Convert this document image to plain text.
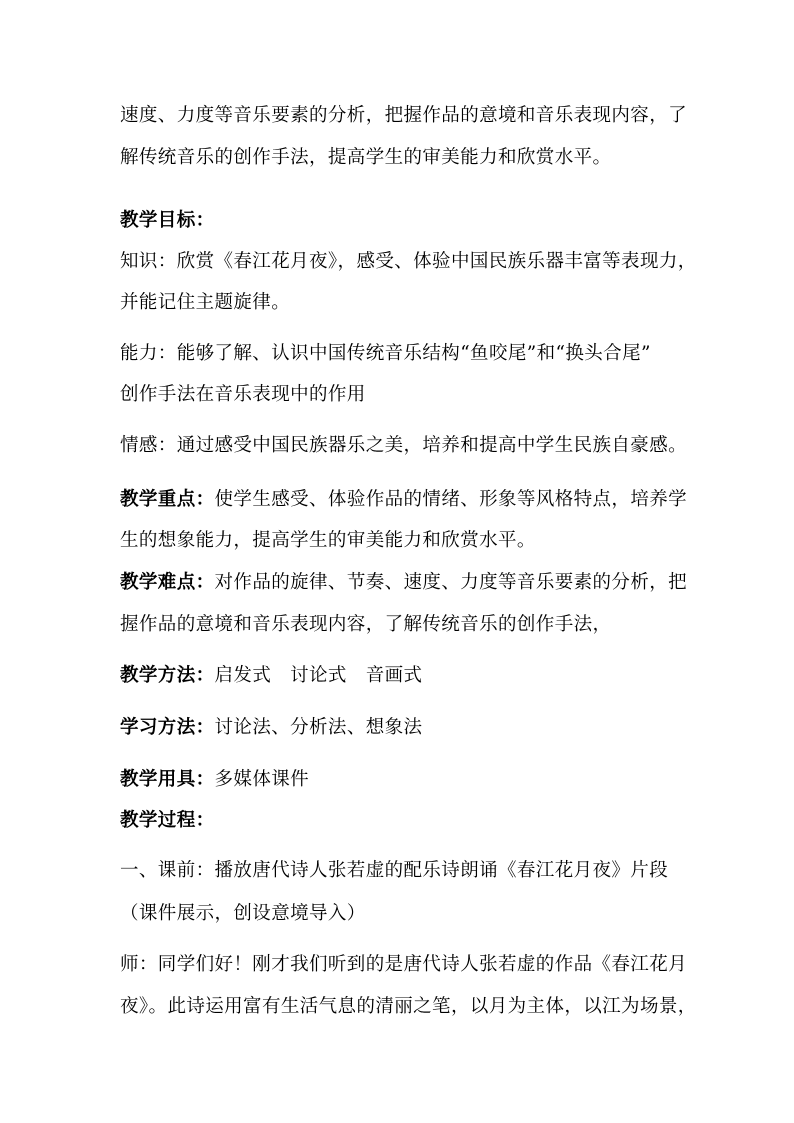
速度、力度等音乐要素的分析，把握作品的意境和音乐表现内容，了
解传统音乐的创作手法，提高学生的审美能力和欣赏水平。
教学目标：
知识：欣赏《春江花月夜》，感受、体验中国民族乐器丰富等表现力，
并能记住主题旋律。
能力：能够了解、认识中国传统音乐结构“鱼咬尾”和“换头合尾”
创作手法在音乐表现中的作用
情感：通过感受中国民族器乐之美，培养和提高中学生民族自豪感。
教学重点：使学生感受、体验作品的情绪、形象等风格特点，培养学
生的想象能力，提高学生的审美能力和欣赏水平。
教学难点：对作品的旋律、节奏、速度、力度等音乐要素的分析，把
握作品的意境和音乐表现内容，了解传统音乐的创作手法，
教学方法：启发式　讨论式　音画式
学习方法：讨论法、分析法、想象法
教学用具：多媒体课件
教学过程：
一、课前：播放唐代诗人张若虚的配乐诗朗诵《春江花月夜》片段
（课件展示，创设意境导入）
师：同学们好！刚才我们听到的是唐代诗人张若虚的作品《春江花月
夜》。此诗运用富有生活气息的清丽之笔，以月为主体，以江为场景，
